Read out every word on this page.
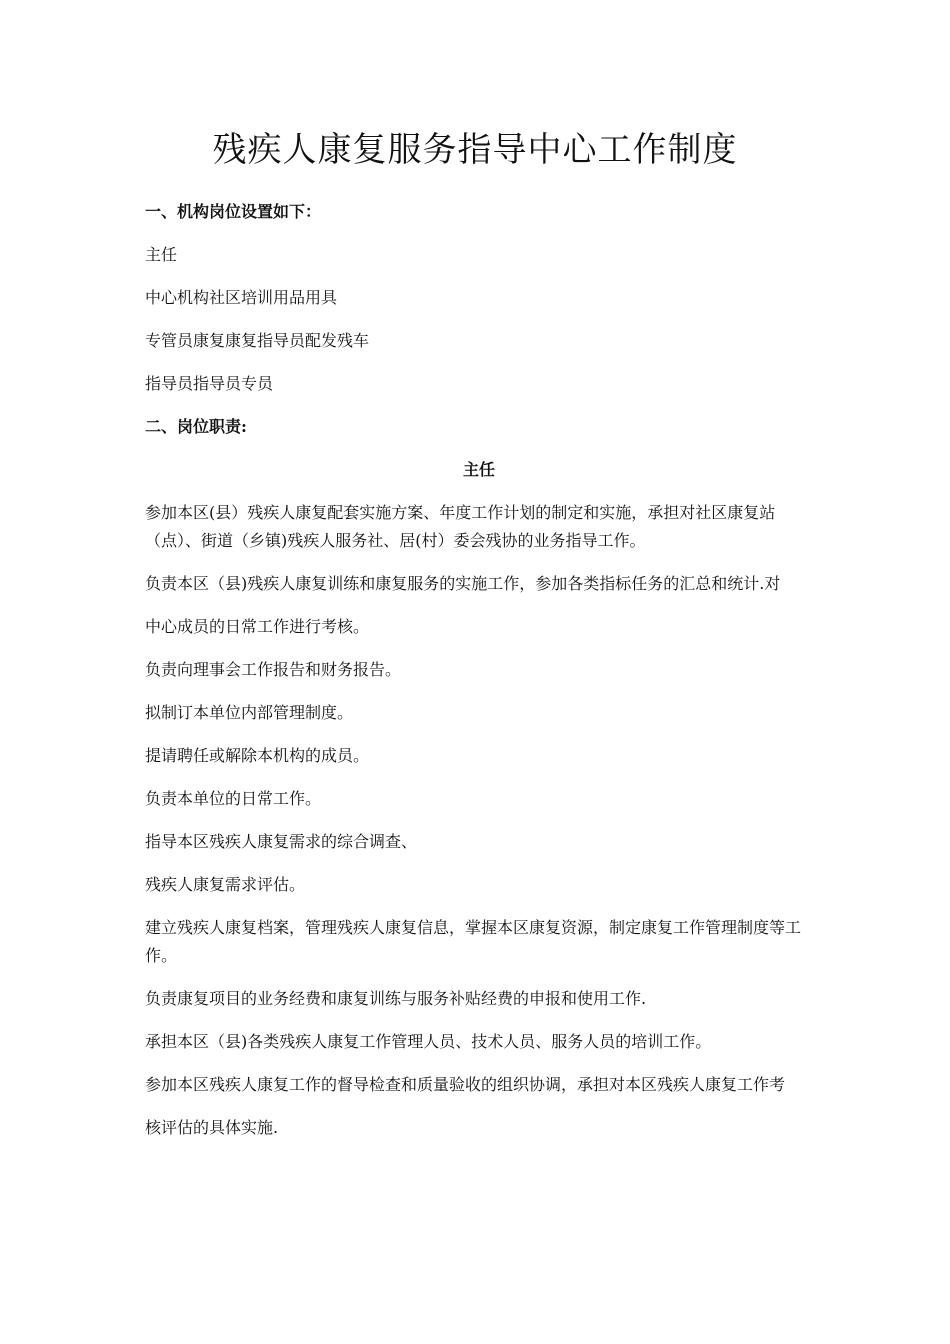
残疾人康复服务指导中心工作制度

一、机构岗位设置如下：

主任

中心机构社区培训用品用具

专管员康复康复指导员配发残车

指导员指导员专员

二、岗位职责:

主任

参加本区(县）残疾人康复配套实施方案、年度工作计划的制定和实施，承担对社区康复站（点）、街道（乡镇)残疾人服务社、居(村）委会残协的业务指导工作。

负责本区（县)残疾人康复训练和康复服务的实施工作，参加各类指标任务的汇总和统计.对

中心成员的日常工作进行考核。

负责向理事会工作报告和财务报告。

拟制订本单位内部管理制度。

提请聘任或解除本机构的成员。

负责本单位的日常工作。

指导本区残疾人康复需求的综合调查、

残疾人康复需求评估。

建立残疾人康复档案，管理残疾人康复信息，掌握本区康复资源，制定康复工作管理制度等工作。

负责康复项目的业务经费和康复训练与服务补贴经费的申报和使用工作.

承担本区（县)各类残疾人康复工作管理人员、技术人员、服务人员的培训工作。

参加本区残疾人康复工作的督导检查和质量验收的组织协调，承担对本区残疾人康复工作考

核评估的具体实施.
